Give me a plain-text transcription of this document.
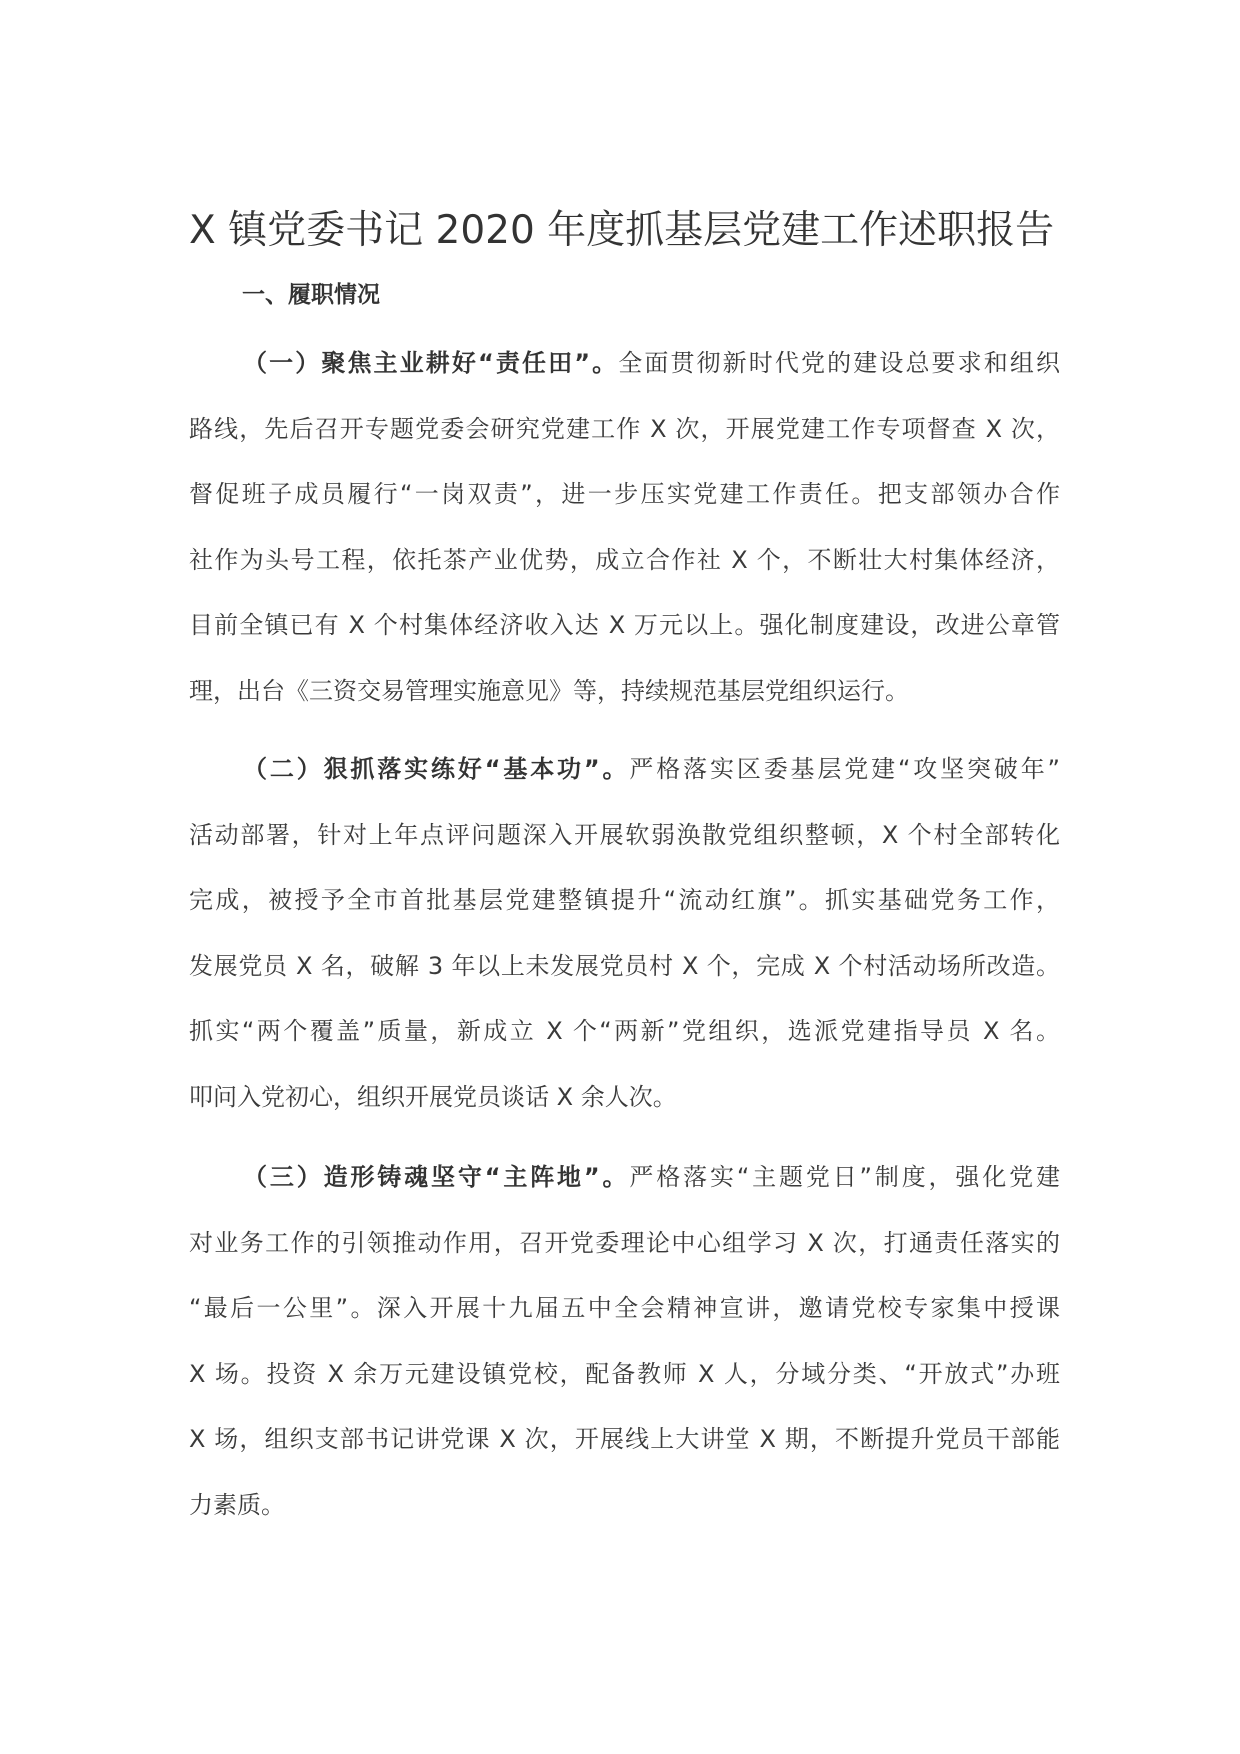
X 镇党委书记 2020 年度抓基层党建工作述职报告
一、履职情况
（一）聚焦主业耕好“责任田”。全面贯彻新时代党的建设总要求和组织
路线，先后召开专题党委会研究党建工作 X 次，开展党建工作专项督查 X 次，
督促班子成员履行“一岗双责”，进一步压实党建工作责任。把支部领办合作
社作为头号工程，依托茶产业优势，成立合作社 X 个，不断壮大村集体经济，
目前全镇已有 X 个村集体经济收入达 X 万元以上。强化制度建设，改进公章管
理，出台《三资交易管理实施意见》等，持续规范基层党组织运行。
（二）狠抓落实练好“基本功”。严格落实区委基层党建“攻坚突破年”
活动部署，针对上年点评问题深入开展软弱涣散党组织整顿，X 个村全部转化
完成，被授予全市首批基层党建整镇提升“流动红旗”。抓实基础党务工作，
发展党员 X 名，破解 3 年以上未发展党员村 X 个，完成 X 个村活动场所改造。
抓实“两个覆盖”质量，新成立 X 个“两新”党组织，选派党建指导员 X 名。
叩问入党初心，组织开展党员谈话 X 余人次。
（三）造形铸魂坚守“主阵地”。严格落实“主题党日”制度，强化党建
对业务工作的引领推动作用，召开党委理论中心组学习 X 次，打通责任落实的
“最后一公里”。深入开展十九届五中全会精神宣讲，邀请党校专家集中授课
X 场。投资 X 余万元建设镇党校，配备教师 X 人，分域分类、“开放式”办班
X 场，组织支部书记讲党课 X 次，开展线上大讲堂 X 期，不断提升党员干部能
力素质。
